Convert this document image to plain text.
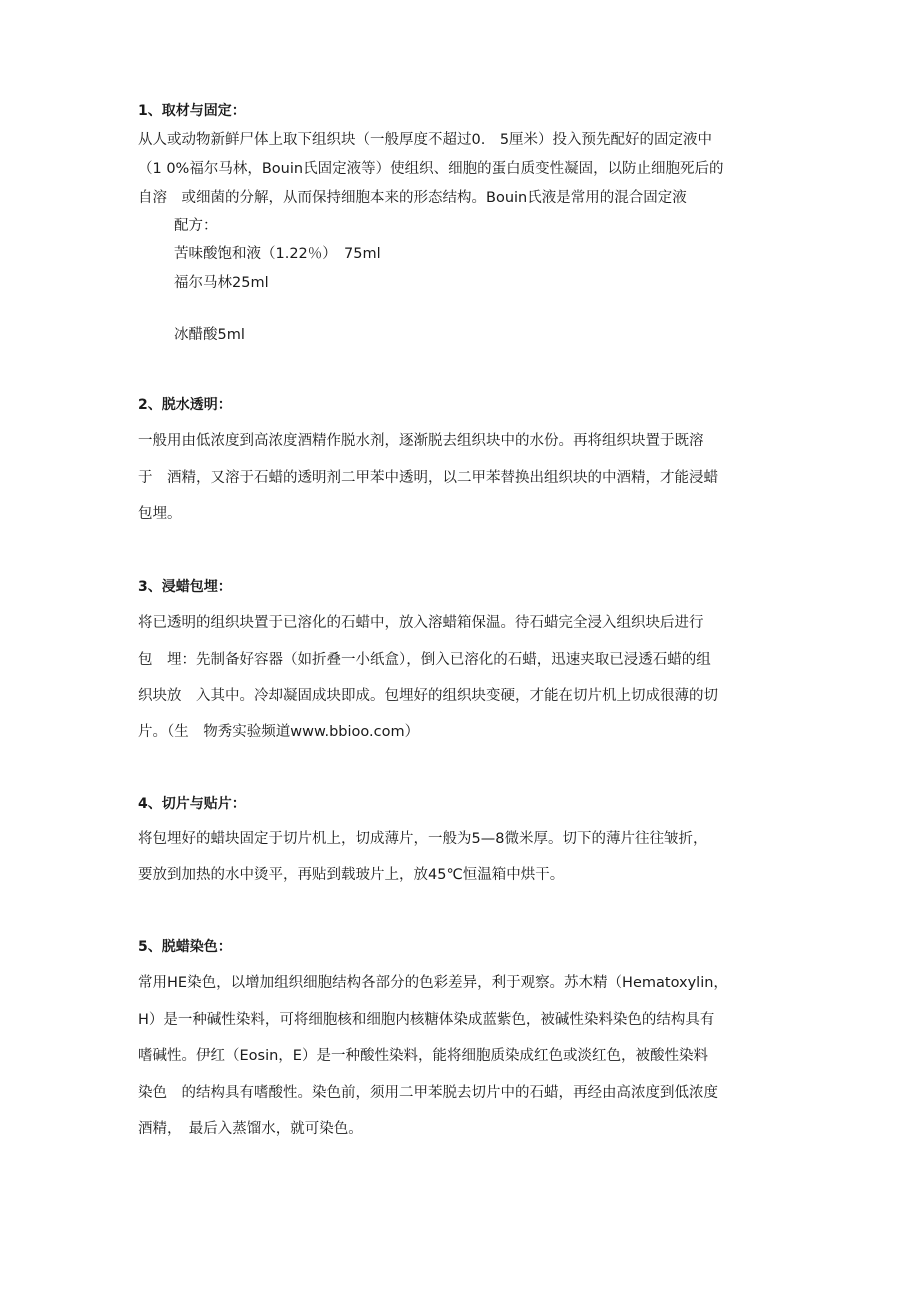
1、取材与固定：
从人或动物新鲜尸体上取下组织块（一般厚度不超过0.　5厘米）投入预先配好的固定液中
（1 0%福尔马林，Bouin氏固定液等）使组织、细胞的蛋白质变性凝固，以防止细胞死后的
自溶　或细菌的分解，从而保持细胞本来的形态结构。Bouin氏液是常用的混合固定液
配方：
苦味酸饱和液（1.22％）　75ml
福尔马林25ml
冰醋酸5ml
2、脱水透明：
一般用由低浓度到高浓度酒精作脱水剂，逐渐脱去组织块中的水份。再将组织块置于既溶
于　酒精，又溶于石蜡的透明剂二甲苯中透明，以二甲苯替换出组织块的中酒精，才能浸蜡
包埋。
3、浸蜡包埋：
将已透明的组织块置于已溶化的石蜡中，放入溶蜡箱保温。待石蜡完全浸入组织块后进行
包　埋：先制备好容器（如折叠一小纸盒），倒入已溶化的石蜡，迅速夹取已浸透石蜡的组
织块放　入其中。冷却凝固成块即成。包埋好的组织块变硬，才能在切片机上切成很薄的切
片。（生　物秀实验频道www.bbioo.com）
4、切片与贴片：
将包埋好的蜡块固定于切片机上，切成薄片，一般为5—8微米厚。切下的薄片往往皱折，
要放到加热的水中烫平，再贴到载玻片上，放45℃恒温箱中烘干。
5、脱蜡染色：
常用HE染色，以增加组织细胞结构各部分的色彩差异，利于观察。苏木精（Hematoxylin，
H）是一种碱性染料，可将细胞核和细胞内核糖体染成蓝紫色，被碱性染料染色的结构具有
嗜碱性。伊红（Eosin，E）是一种酸性染料，能将细胞质染成红色或淡红色，被酸性染料
染色　的结构具有嗜酸性。染色前，须用二甲苯脱去切片中的石蜡，再经由高浓度到低浓度
酒精，　最后入蒸馏水，就可染色。
